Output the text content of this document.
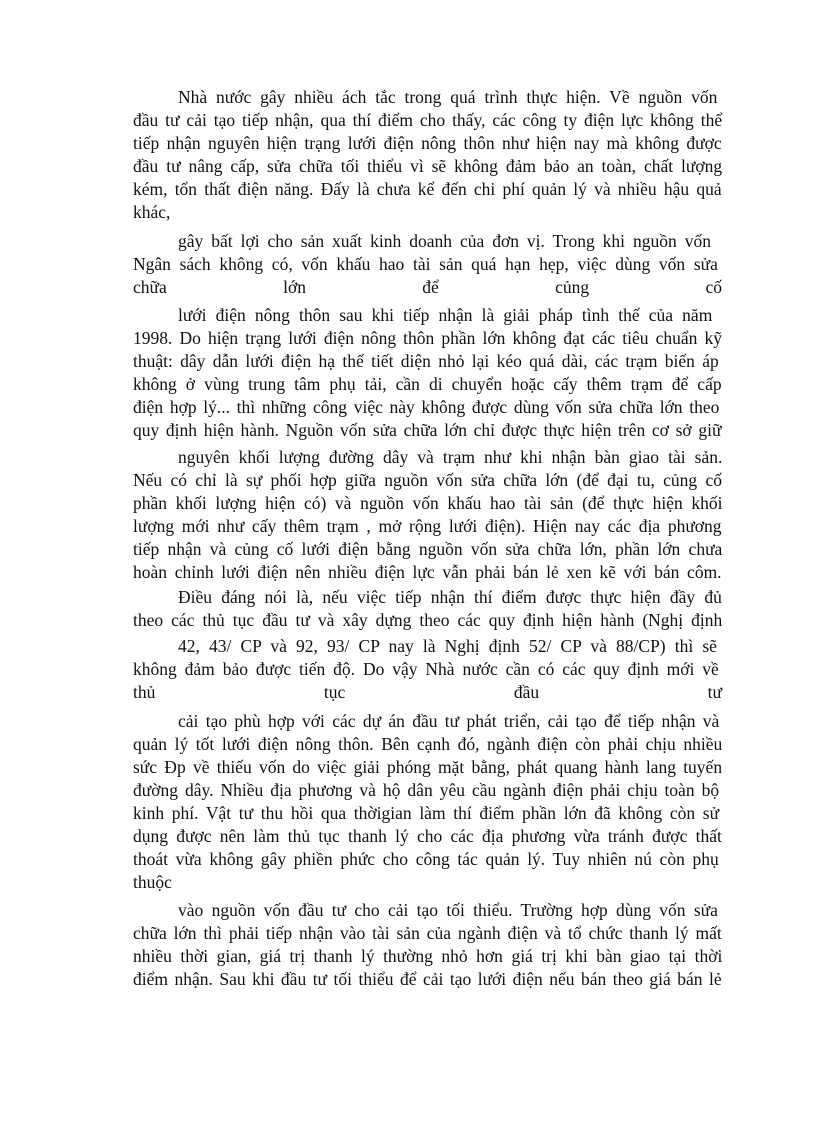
Nhà nước gây nhiều ách tắc trong quá trình thực hiện. Về nguồn vốn

đầu tư cải tạo tiếp nhận, qua thí điểm cho thấy, các công ty điện lực không thể

tiếp nhận nguyên hiện trạng lưới điện nông thôn như hiện nay mà không được

đầu tư nâng cấp, sửa chữa tối thiểu vì sẽ không đảm bảo an toàn, chất lượng

kém, tổn thất điện năng. Đấy là chưa kể đến chi phí quản lý và nhiều hậu quả

khác,

gây bất lợi cho sản xuất kinh doanh của đơn vị. Trong khi nguồn vốn

Ngân sách không có, vốn khấu hao tài sản quá hạn hẹp, việc dùng vốn sửa

chữa	lớn	để	củng	cố

lưới điện nông thôn sau khi tiếp nhận là giải pháp tình thế của năm

1998. Do hiện trạng lưới điện nông thôn phần lớn không đạt các tiêu chuẩn kỹ

thuật: dây dẫn lưới điện hạ thế tiết diện nhỏ lại kéo quá dài, các trạm biến áp

không ở vùng trung tâm phụ tải, cần di chuyển hoặc cấy thêm trạm để cấp

điện hợp lý... thì những công việc này không được dùng vốn sửa chữa lớn theo

quy định hiện hành. Nguồn vốn sửa chữa lớn chỉ được thực hiện trên cơ sở giữ

nguyên khối lượng đường dây và trạm như khi nhận bàn giao tài sản.

Nếu có chỉ là sự phối hợp giữa nguồn vốn sửa chữa lớn (để đại tu, củng cố

phần khối lượng hiện có) và nguồn vốn khấu hao tài sản (để thực hiện khối

lượng mới như cấy thêm trạm , mở rộng lưới điện). Hiện nay các địa phương

tiếp nhận và củng cố lưới điện bằng nguồn vốn sửa chữa lớn, phần lớn chưa

hoàn chỉnh lưới điện nên nhiều điện lực vẫn phải bán lẻ xen kẽ với bán côm.

Điều đáng nói là, nếu việc tiếp nhận thí điểm được thực hiện đầy đủ

theo các thủ tục đầu tư và xây dựng theo các quy định hiện hành (Nghị định

42, 43/ CP và 92, 93/ CP nay là Nghị định 52/ CP và 88/CP) thì sẽ

không đảm bảo được tiến độ. Do vậy Nhà nước cần có các quy định mới về

thủ	tục	đầu	tư

cải tạo phù hợp với các dự án đầu tư phát triển, cải tạo để tiếp nhận và

quản lý tốt lưới điện nông thôn. Bên cạnh đó, ngành điện còn phải chịu nhiều

sức Đp về thiếu vốn do việc giải phóng mặt bằng, phát quang hành lang tuyến

đường dây. Nhiều địa phương và hộ dân yêu cầu ngành điện phải chịu toàn bộ

kinh phí. Vật tư thu hồi qua thờigian làm thí điểm phần lớn đã không còn sử

dụng được nên làm thủ tục thanh lý cho các địa phương vừa tránh được thất

thoát vừa không gây phiền phức cho công tác quản lý. Tuy nhiên nú còn phụ

thuộc

vào nguồn vốn đầu tư cho cải tạo tối thiểu. Trường hợp dùng vốn sửa

chữa lớn thì phải tiếp nhận vào tài sản của ngành điện và tổ chức thanh lý mất

nhiều thời gian, giá trị thanh lý thường nhỏ hơn giá trị khi bàn giao tại thời

điểm nhận. Sau khi đầu tư tối thiểu để cải tạo lưới điện nếu bán theo giá bán lẻ
